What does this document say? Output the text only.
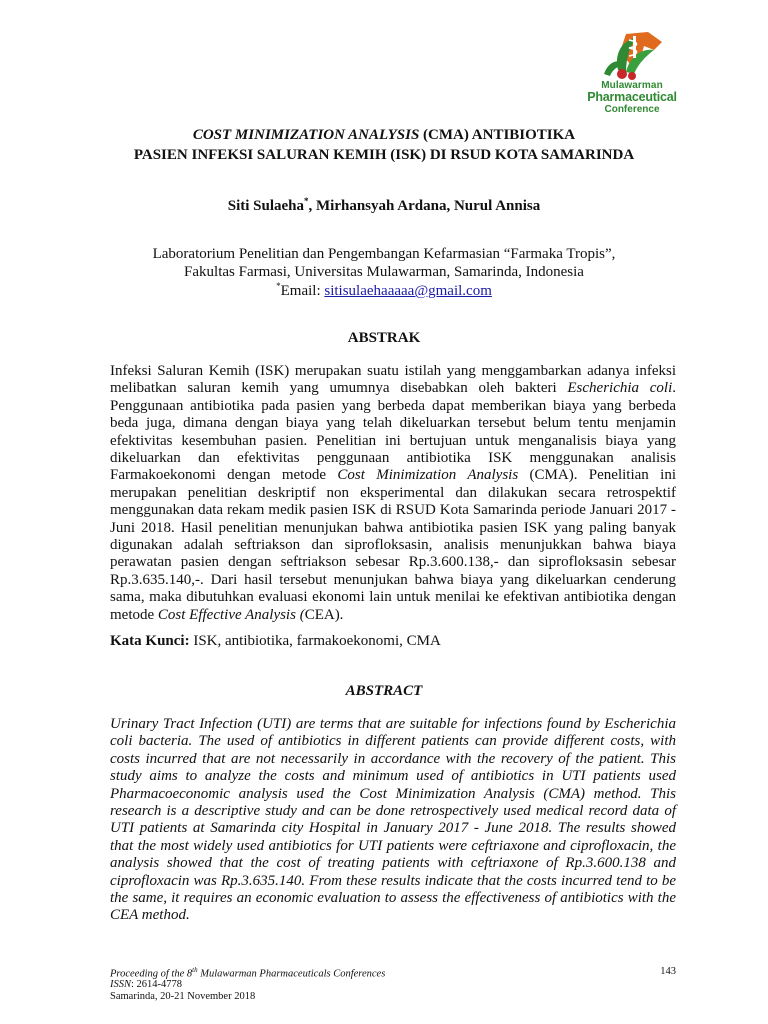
Mulawarman
Pharmaceutical
Conference
COST MINIMIZATION ANALYSIS (CMA) ANTIBIOTIKA
PASIEN INFEKSI SALURAN KEMIH (ISK) DI RSUD KOTA SAMARINDA
Siti Sulaeha*, Mirhansyah Ardana, Nurul Annisa
Laboratorium Penelitian dan Pengembangan Kefarmasian “Farmaka Tropis”,
Fakultas Farmasi, Universitas Mulawarman, Samarinda, Indonesia
*Email: sitisulaehaaaaa@gmail.com
ABSTRAK
Infeksi Saluran Kemih (ISK) merupakan suatu istilah yang menggambarkan adanya infeksi melibatkan saluran kemih yang umumnya disebabkan oleh bakteri Escherichia coli. Penggunaan antibiotika pada pasien yang berbeda dapat memberikan biaya yang berbeda beda juga, dimana dengan biaya yang telah dikeluarkan tersebut belum tentu menjamin efektivitas kesembuhan pasien. Penelitian ini bertujuan untuk menganalisis biaya yang dikeluarkan dan efektivitas penggunaan antibiotika ISK menggunakan analisis Farmakoekonomi dengan metode Cost Minimization Analysis (CMA). Penelitian ini merupakan penelitian deskriptif non eksperimental dan dilakukan secara retrospektif menggunakan data rekam medik pasien ISK di RSUD Kota Samarinda periode Januari 2017 - Juni 2018. Hasil penelitian menunjukan bahwa antibiotika pasien ISK yang paling banyak digunakan adalah seftriakson dan siprofloksasin, analisis menunjukkan bahwa biaya perawatan pasien dengan seftriakson sebesar Rp.3.600.138,- dan siprofloksasin sebesar Rp.3.635.140,-. Dari hasil tersebut menunjukan bahwa biaya yang dikeluarkan cenderung sama, maka dibutuhkan evaluasi ekonomi lain untuk menilai ke efektivan antibiotika dengan metode Cost Effective Analysis (CEA).
Kata Kunci: ISK, antibiotika, farmakoekonomi, CMA
ABSTRACT
Urinary Tract Infection (UTI) are terms that are suitable for infections found by Escherichia coli bacteria. The used of antibiotics in different patients can provide different costs, with costs incurred that are not necessarily in accordance with the recovery of the patient. This study aims to analyze the costs and minimum used of antibiotics in UTI patients used Pharmacoeconomic analysis used the Cost Minimization Analysis (CMA) method. This research is a descriptive study and can be done retrospectively used medical record data of UTI patients at Samarinda city Hospital in January 2017 - June 2018. The results showed that the most widely used antibiotics for UTI patients were ceftriaxone and ciprofloxacin, the analysis showed that the cost of treating patients with ceftriaxone of Rp.3.600.138 and ciprofloxacin was Rp.3.635.140. From these results indicate that the costs incurred tend to be the same, it requires an economic evaluation to assess the effectiveness of antibiotics with the CEA method.
Proceeding of the 8th Mulawarman Pharmaceuticals Conferences
ISSN: 2614-4778
Samarinda, 20-21 November 2018
143
